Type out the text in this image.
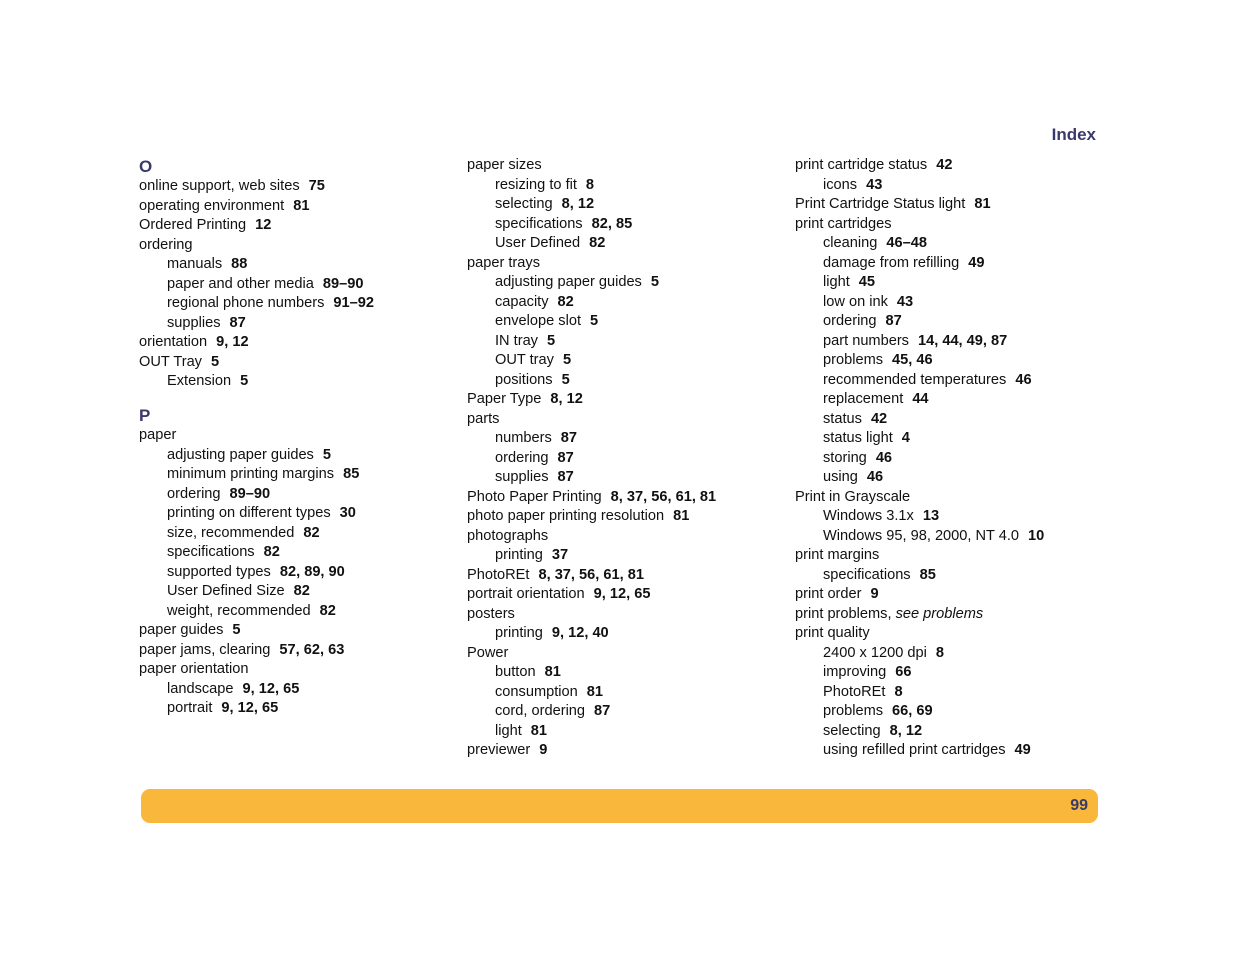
Index
O
online support, web sites 75
operating environment 81
Ordered Printing 12
ordering
manuals 88
paper and other media 89–90
regional phone numbers 91–92
supplies 87
orientation 9, 12
OUT Tray 5
Extension 5
P
paper
adjusting paper guides 5
minimum printing margins 85
ordering 89–90
printing on different types 30
size, recommended 82
specifications 82
supported types 82, 89, 90
User Defined Size 82
weight, recommended 82
paper guides 5
paper jams, clearing 57, 62, 63
paper orientation
landscape 9, 12, 65
portrait 9, 12, 65
paper sizes
resizing to fit 8
selecting 8, 12
specifications 82, 85
User Defined 82
paper trays
adjusting paper guides 5
capacity 82
envelope slot 5
IN tray 5
OUT tray 5
positions 5
Paper Type 8, 12
parts
numbers 87
ordering 87
supplies 87
Photo Paper Printing 8, 37, 56, 61, 81
photo paper printing resolution 81
photographs
printing 37
PhotoREt 8, 37, 56, 61, 81
portrait orientation 9, 12, 65
posters
printing 9, 12, 40
Power
button 81
consumption 81
cord, ordering 87
light 81
previewer 9
print cartridge status 42
icons 43
Print Cartridge Status light 81
print cartridges
cleaning 46–48
damage from refilling 49
light 45
low on ink 43
ordering 87
part numbers 14, 44, 49, 87
problems 45, 46
recommended temperatures 46
replacement 44
status 42
status light 4
storing 46
using 46
Print in Grayscale
Windows 3.1x 13
Windows 95, 98, 2000, NT 4.0 10
print margins
specifications 85
print order 9
print problems, see problems
print quality
2400 x 1200 dpi 8
improving 66
PhotoREt 8
problems 66, 69
selecting 8, 12
using refilled print cartridges 49
99
